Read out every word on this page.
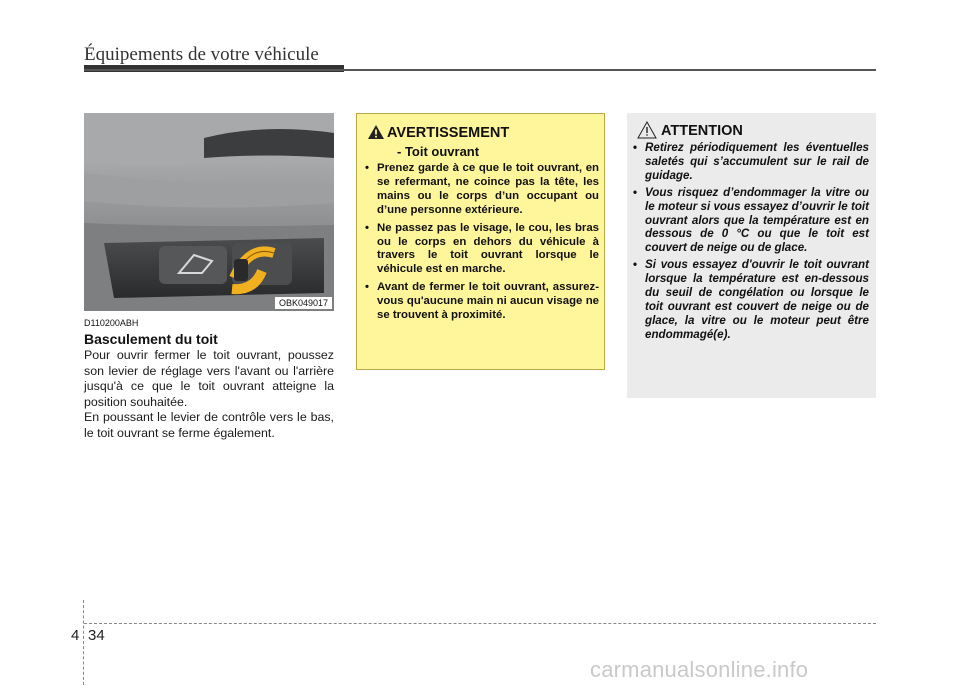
Équipements de votre véhicule
OBK049017
D110200ABH
Basculement du toit

Pour ouvrir fermer le toit ouvrant, poussez son levier de réglage vers l'avant ou l'arrière jusqu'à ce que le toit ouvrant atteigne la position souhaitée.

En poussant le levier de contrôle vers le bas, le toit ouvrant se ferme également.

AVERTISSEMENT
- Toit ouvrant
• Prenez garde à ce que le toit ouvrant, en se refermant, ne coince pas la tête, les mains ou le corps d’un occupant ou d’une personne extérieure.
• Ne passez pas le visage, le cou, les bras ou le corps en dehors du véhicule à travers le toit ouvrant lorsque le véhicule est en marche.
• Avant de fermer le toit ouvrant, assurez-vous qu'aucune main ni aucun visage ne se trouvent à proximité.
ATTENTION
• Retirez périodiquement les éventuelles saletés qui s’accumulent sur le rail de guidage.
• Vous risquez d’endommager la vitre ou le moteur si vous essayez d’ouvrir le toit ouvrant alors que la température est en dessous de 0 °C ou que le toit est couvert de neige ou de glace.
• Si vous essayez d'ouvrir le toit ouvrant lorsque la température est en-dessous du seuil de congélation ou lorsque le toit ouvrant est couvert de neige ou de glace, la vitre ou le moteur peut être endommagé(e).
4 34
carmanualsonline.info
